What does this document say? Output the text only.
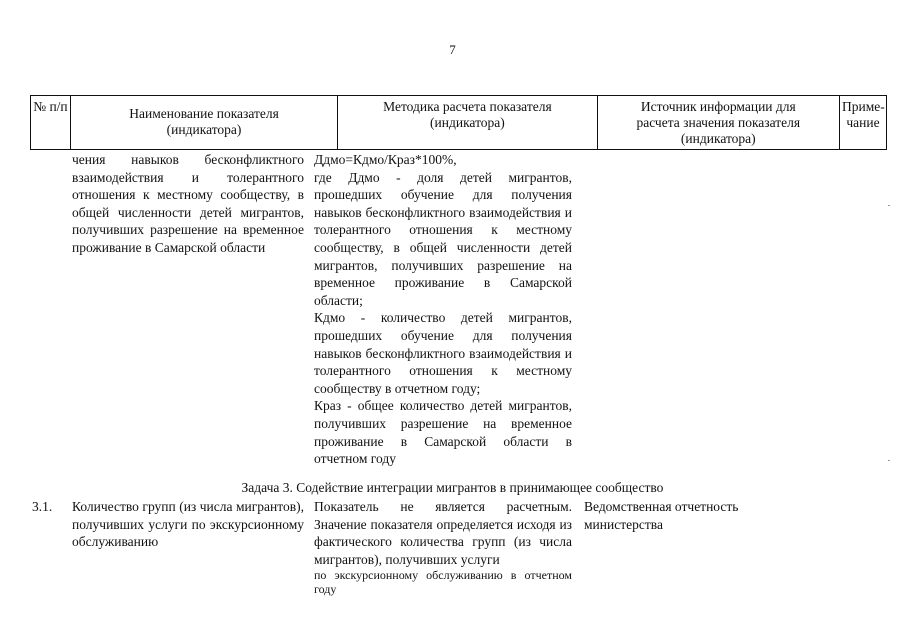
7
№ п/п	Наименование показателя (индикатора)
Методика расчета показателя (индикатора)
Источник информации для расчета значения показателя (индикатора)
Приме-чание
чения навыков бесконфликтного взаимодействия и толерантного отношения к местному сообществу, в общей численности детей мигрантов, получивших разрешение на временное проживание в Самарской области

Ддмо=Кдмо/Краз*100%,

где Ддмо - доля детей мигрантов, прошедших обучение для получения навыков бесконфликтного взаимодействия и толерантного отношения к местному сообществу, в общей численности детей мигрантов, получивших разрешение на временное проживание в Самарской области;

Кдмо - количество детей мигрантов, прошедших обучение для получения навыков бесконфликтного взаимодействия и толерантного отношения к местному сообществу в отчетном году;

Краз - общее количество детей мигрантов, получивших разрешение на временное проживание в Самарской области в отчетном году

Задача 3. Содействие интеграции мигрантов в принимающее сообщество
3.1.	Количество групп (из числа мигрантов), получивших услуги по экскурсионному обслуживанию

Показатель не является расчетным. Значение показателя определяется исходя из фактического количества групп (из числа мигрантов), получивших услуги

по экскурсионному обслуживанию в отчетном году

Ведомственная отчетность министерства
